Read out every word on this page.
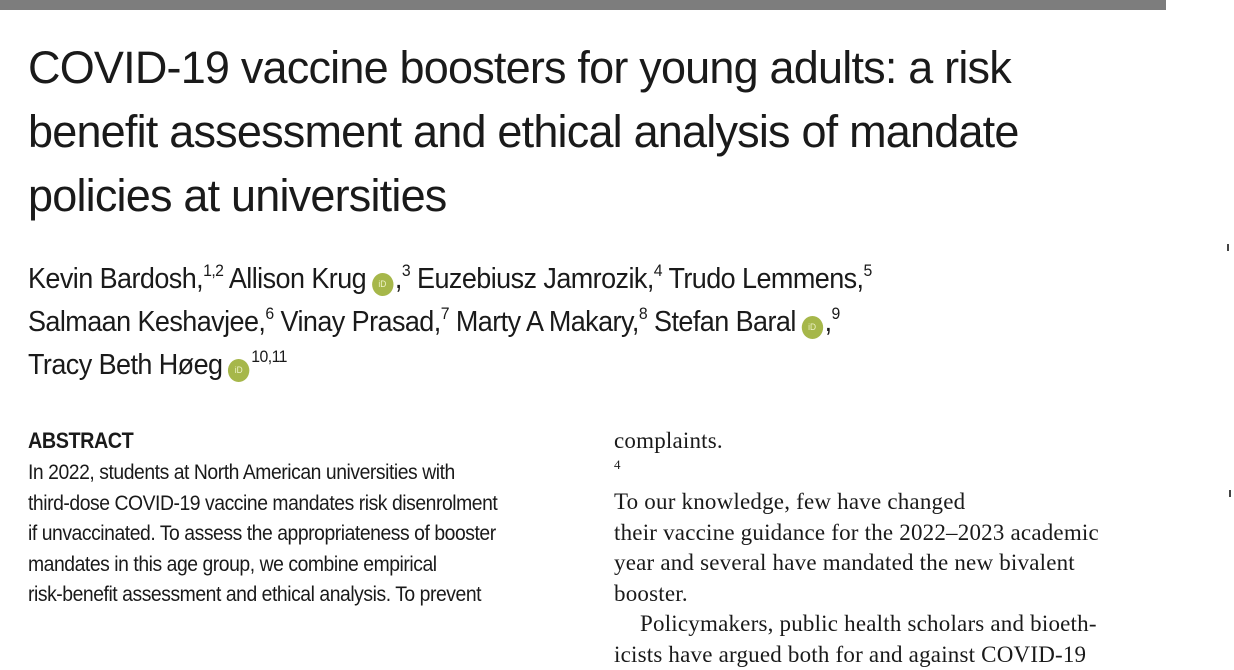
COVID-19 vaccine boosters for young adults: a risk
benefit assessment and ethical analysis of mandate
policies at universities
Kevin Bardosh,$^{1,2}$ Allison Krug iD ,$^3$ Euzebiusz Jamrozik,$^4$ Trudo Lemmens,$^5$
Salmaan Keshavjee,$^6$ Vinay Prasad,$^7$ Marty A Makary,$^8$ Stefan Baral iD ,$^9$
Tracy Beth Høeg iD$^{10,11}$
ABSTRACT
In 2022, students at North American universities with
third-dose COVID-19 vaccine mandates risk disenrolment
if unvaccinated. To assess the appropriateness of booster
mandates in this age group, we combine empirical
risk-benefit assessment and ethical analysis. To prevent
complaints.
$^4$
To our knowledge, few have changed
their vaccine guidance for the 2022–2023 academic
year and several have mandated the new bivalent
booster.
Policymakers, public health scholars and bioeth-
icists have argued both for and against COVID-19
